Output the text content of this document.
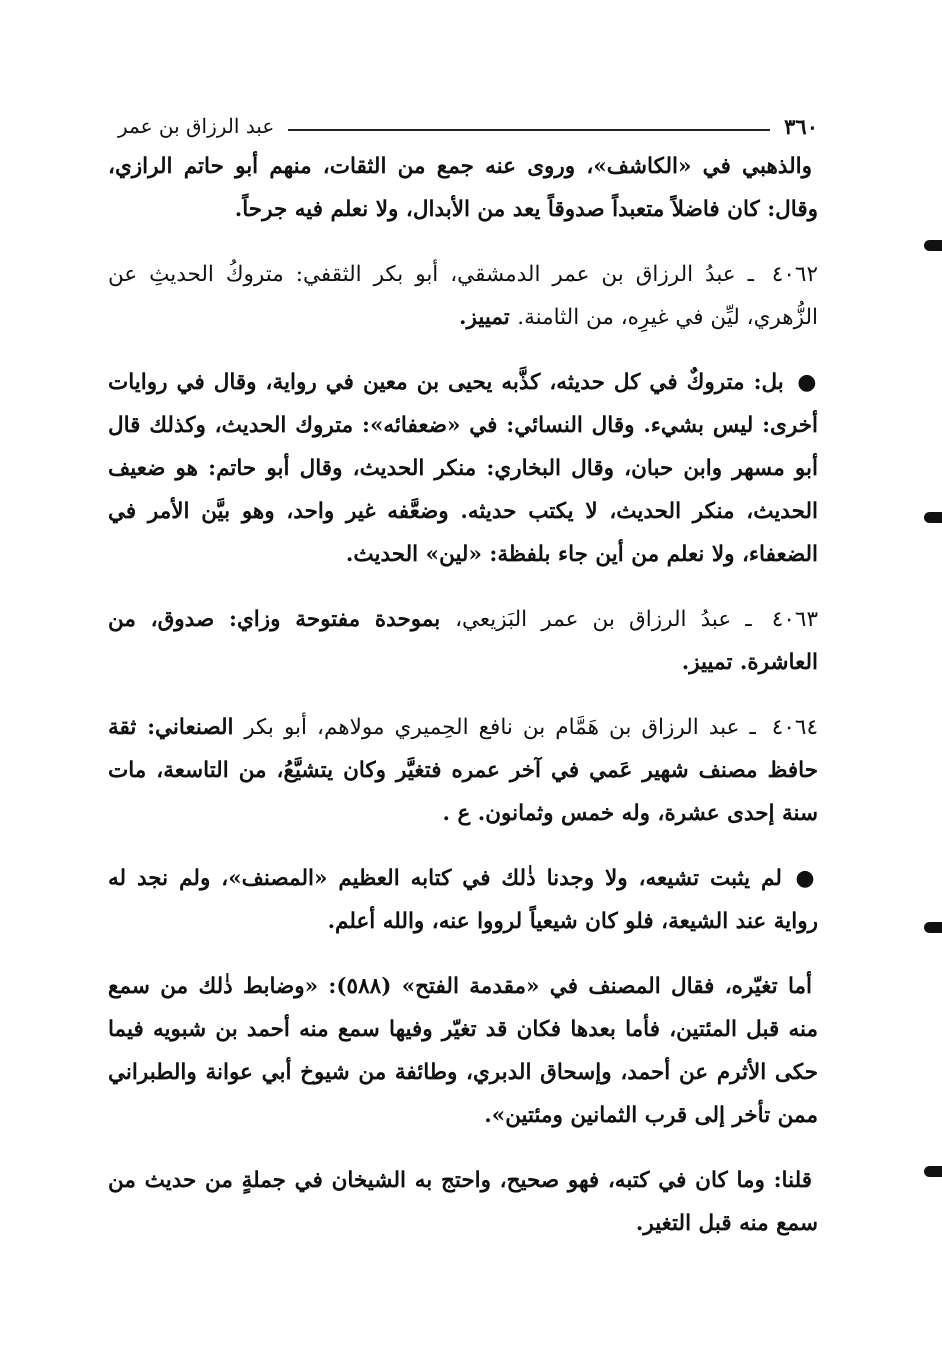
٣٦٠
عبد الرزاق بن عمر

والذهبي في «الكاشف»، وروى عنه جمع من الثقات، منهم أبو حاتم الرازي، وقال: كان فاضلاً متعبداً صدوقاً يعد من الأبدال، ولا نعلم فيه جرحاً.

٤٠٦٢ ـ عبدُ الرزاق بن عمر الدمشقي، أبو بكر الثقفي: متروكُ الحديثِ عن الزُّهري، ليِّن في غيرِه، من الثامنة. تمييز.

● بل: متروكٌ في كل حديثه، كذَّبه يحيى بن معين في رواية، وقال في روايات أخرى: ليس بشيء. وقال النسائي: في «ضعفائه»: متروك الحديث، وكذلك قال أبو مسهر وابن حبان، وقال البخاري: منكر الحديث، وقال أبو حاتم: هو ضعيف الحديث، منكر الحديث، لا يكتب حديثه. وضعَّفه غير واحد، وهو بيَّن الأمر في الضعفاء، ولا نعلم من أين جاء بلفظة: «لين» الحديث.

٤٠٦٣ ـ عبدُ الرزاق بن عمر البَزيعي، بموحدة مفتوحة وزاي: صدوق، من العاشرة. تمييز.

٤٠٦٤ ـ عبد الرزاق بن هَمَّام بن نافع الحِميري مولاهم، أبو بكر الصنعاني: ثقة حافظ مصنف شهير عَمي في آخر عمره فتغيَّر وكان يتشيَّعُ، من التاسعة، مات سنة إحدى عشرة، وله خمس وثمانون. ع .

● لم يثبت تشيعه، ولا وجدنا ذٰلك في كتابه العظيم «المصنف»، ولم نجد له رواية عند الشيعة، فلو كان شيعياً لرووا عنه، والله أعلم.

أما تغيّره، فقال المصنف في «مقدمة الفتح» (٥٨٨): «وضابط ذٰلك من سمع منه قبل المئتين، فأما بعدها فكان قد تغيّر وفيها سمع منه أحمد بن شبويه فيما حكى الأثرم عن أحمد، وإسحاق الدبري، وطائفة من شيوخ أبي عوانة والطبراني ممن تأخر إلى قرب الثمانين ومئتين».

قلنا: وما كان في كتبه، فهو صحيح، واحتج به الشيخان في جملةٍ من حديث من سمع منه قبل التغير.
